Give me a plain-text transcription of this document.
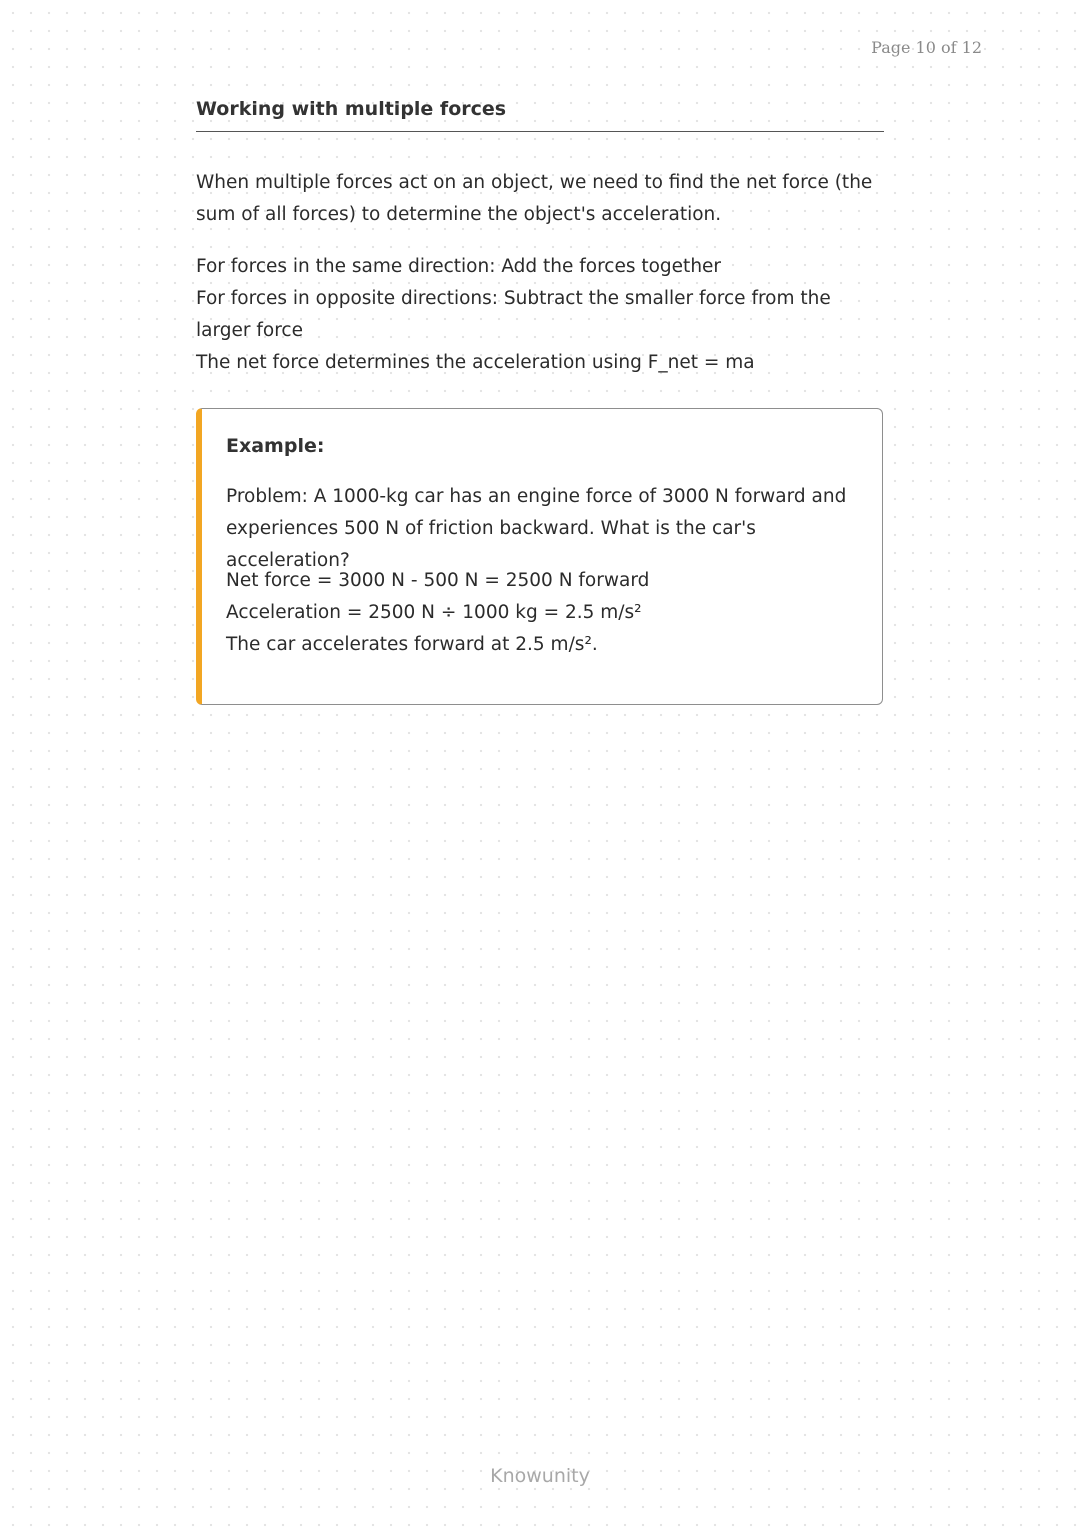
Page 10 of 12
Working with multiple forces

When multiple forces act on an object, we need to find the net force (the sum of all forces) to determine the object's acceleration.

For forces in the same direction: Add the forces together
For forces in opposite directions: Subtract the smaller force from the larger force
The net force determines the acceleration using F_net = ma
Example:
Problem: A 1000-kg car has an engine force of 3000 N forward and experiences 500 N of friction backward. What is the car's acceleration?
Net force = 3000 N - 500 N = 2500 N forward
Acceleration = 2500 N ÷ 1000 kg = 2.5 m/s²
The car accelerates forward at 2.5 m/s².
Knowunity
